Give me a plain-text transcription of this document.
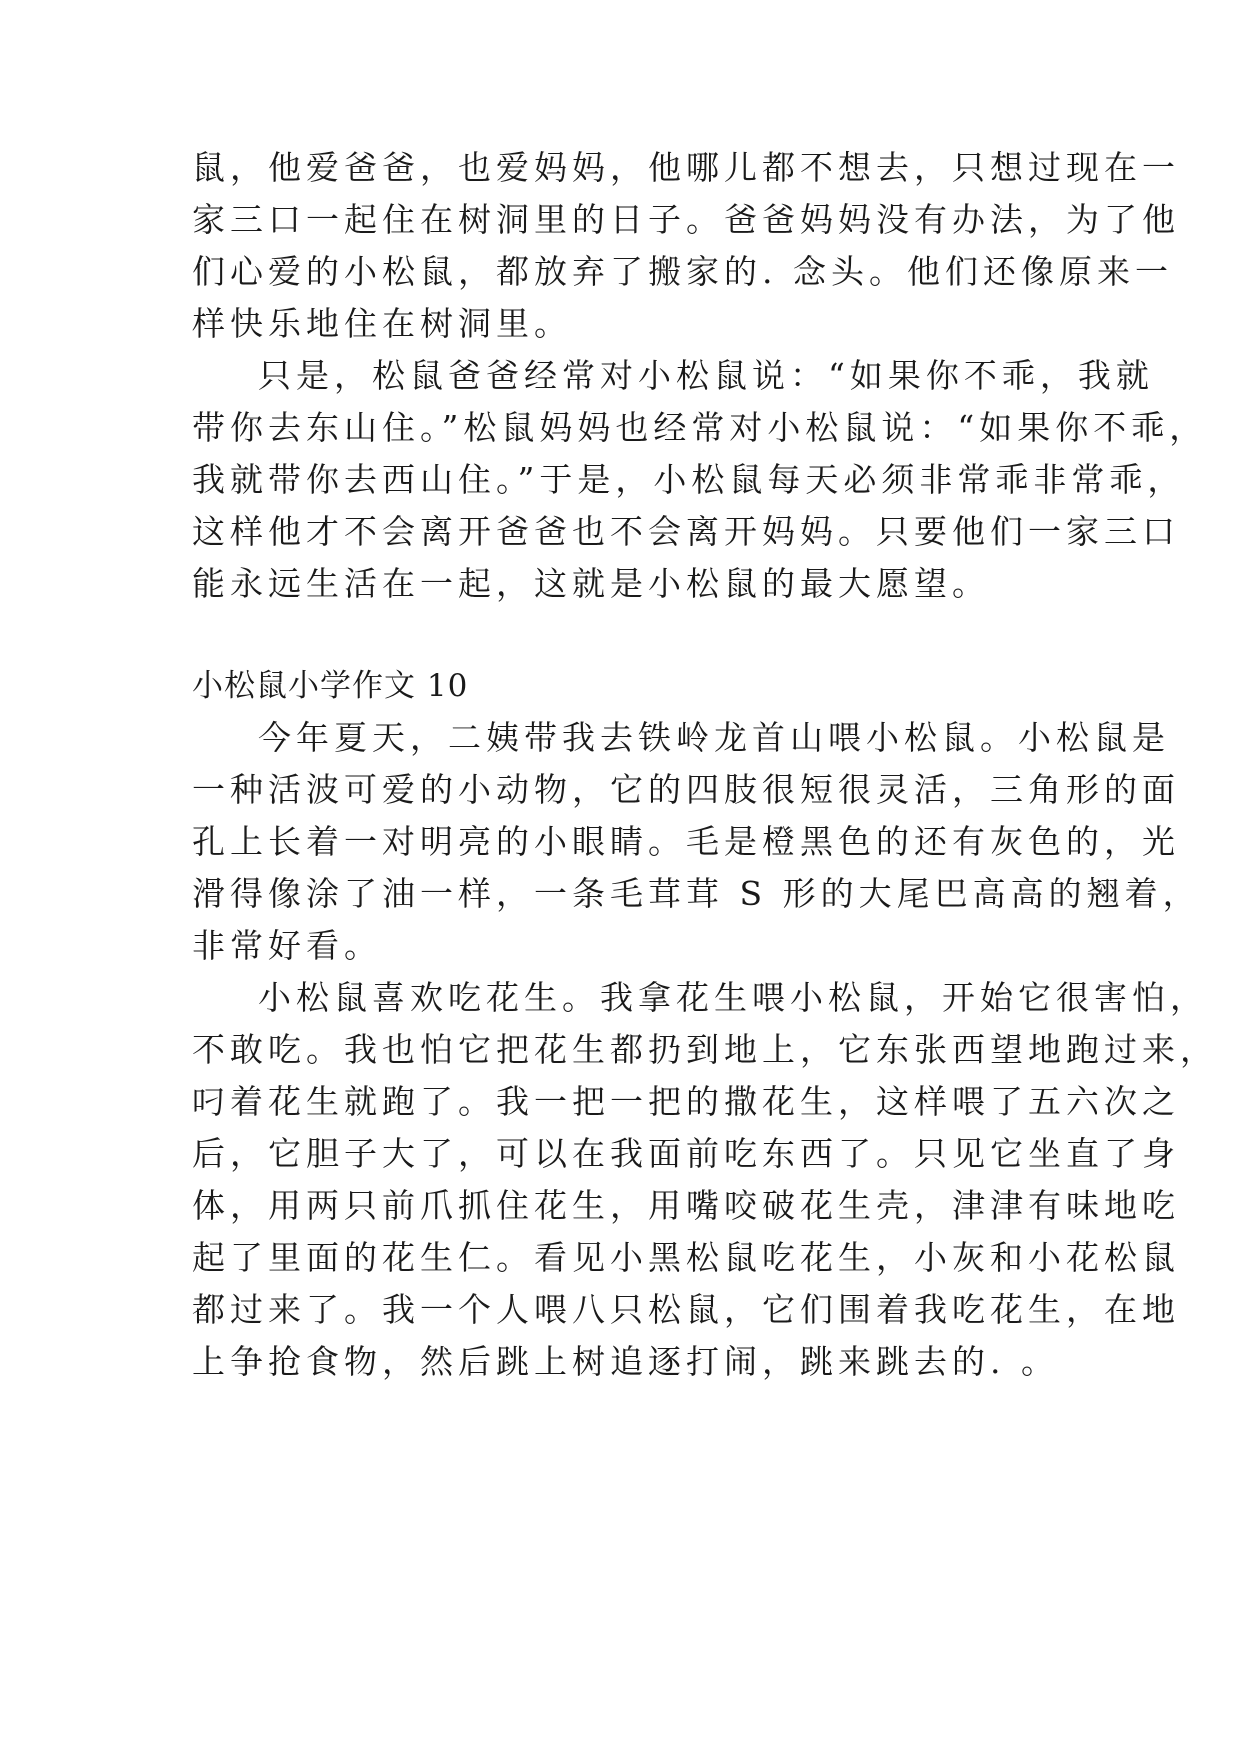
鼠，他爱爸爸，也爱妈妈，他哪儿都不想去，只想过现在一
家三口一起住在树洞里的日子。爸爸妈妈没有办法，为了他
们心爱的小松鼠，都放弃了搬家的. 念头。他们还像原来一
样快乐地住在树洞里。
只是，松鼠爸爸经常对小松鼠说：“如果你不乖，我就
带你去东山住。”松鼠妈妈也经常对小松鼠说：“如果你不乖，
我就带你去西山住。”于是，小松鼠每天必须非常乖非常乖，
这样他才不会离开爸爸也不会离开妈妈。只要他们一家三口
能永远生活在一起，这就是小松鼠的最大愿望。
小松鼠小学作文 10
今年夏天，二姨带我去铁岭龙首山喂小松鼠。小松鼠是
一种活波可爱的小动物，它的四肢很短很灵活，三角形的面
孔上长着一对明亮的小眼睛。毛是橙黑色的还有灰色的，光
滑得像涂了油一样，一条毛茸茸 S 形的大尾巴高高的翘着，
非常好看。
小松鼠喜欢吃花生。我拿花生喂小松鼠，开始它很害怕，
不敢吃。我也怕它把花生都扔到地上，它东张西望地跑过来，
叼着花生就跑了。我一把一把的撒花生，这样喂了五六次之
后，它胆子大了，可以在我面前吃东西了。只见它坐直了身
体，用两只前爪抓住花生，用嘴咬破花生壳，津津有味地吃
起了里面的花生仁。看见小黑松鼠吃花生，小灰和小花松鼠
都过来了。我一个人喂八只松鼠，它们围着我吃花生，在地
上争抢食物，然后跳上树追逐打闹，跳来跳去的. 。
